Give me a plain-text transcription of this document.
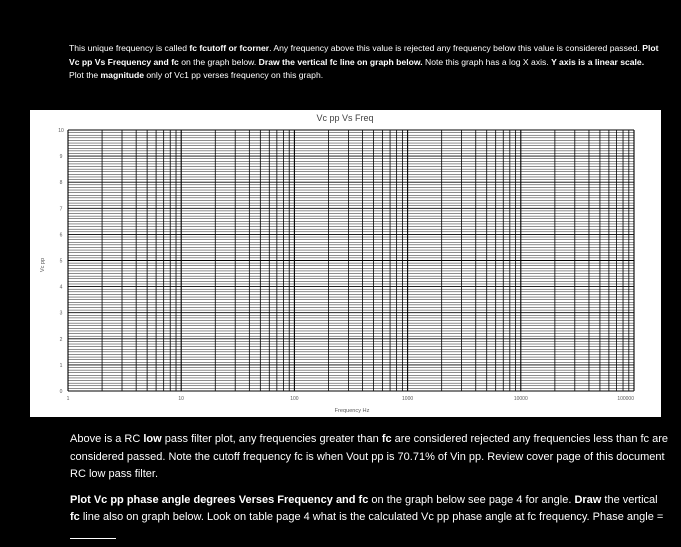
This unique frequency is called fc fcutoff or fcorner. Any frequency above this value is rejected any frequency below this value is considered passed. Plot Vc pp Vs Frequency and fc on the graph below. Draw the vertical fc line on graph below. Note this graph has a log X axis. Y axis is a linear scale.

Plot the magnitude only of Vc1 pp verses frequency on this graph.

0
1
2
3
4
5
6
7
8
9
10
1	10	100	1000	10000	100000
Vc pp Vs Freq
Frequency Hz
Vc pp

Above is a RC low pass filter plot, any frequencies greater than fc are considered rejected any frequencies less than fc are considered passed. Note the cutoff frequency fc is when Vout pp is 70.71% of Vin pp. Review cover page of this document RC low pass filter.

Plot Vc pp phase angle degrees Verses Frequency and fc on the graph below see page 4 for angle. Draw the vertical fc line also on graph below. Look on table page 4 what is the calculated Vc pp phase angle at fc frequency. Phase angle =
